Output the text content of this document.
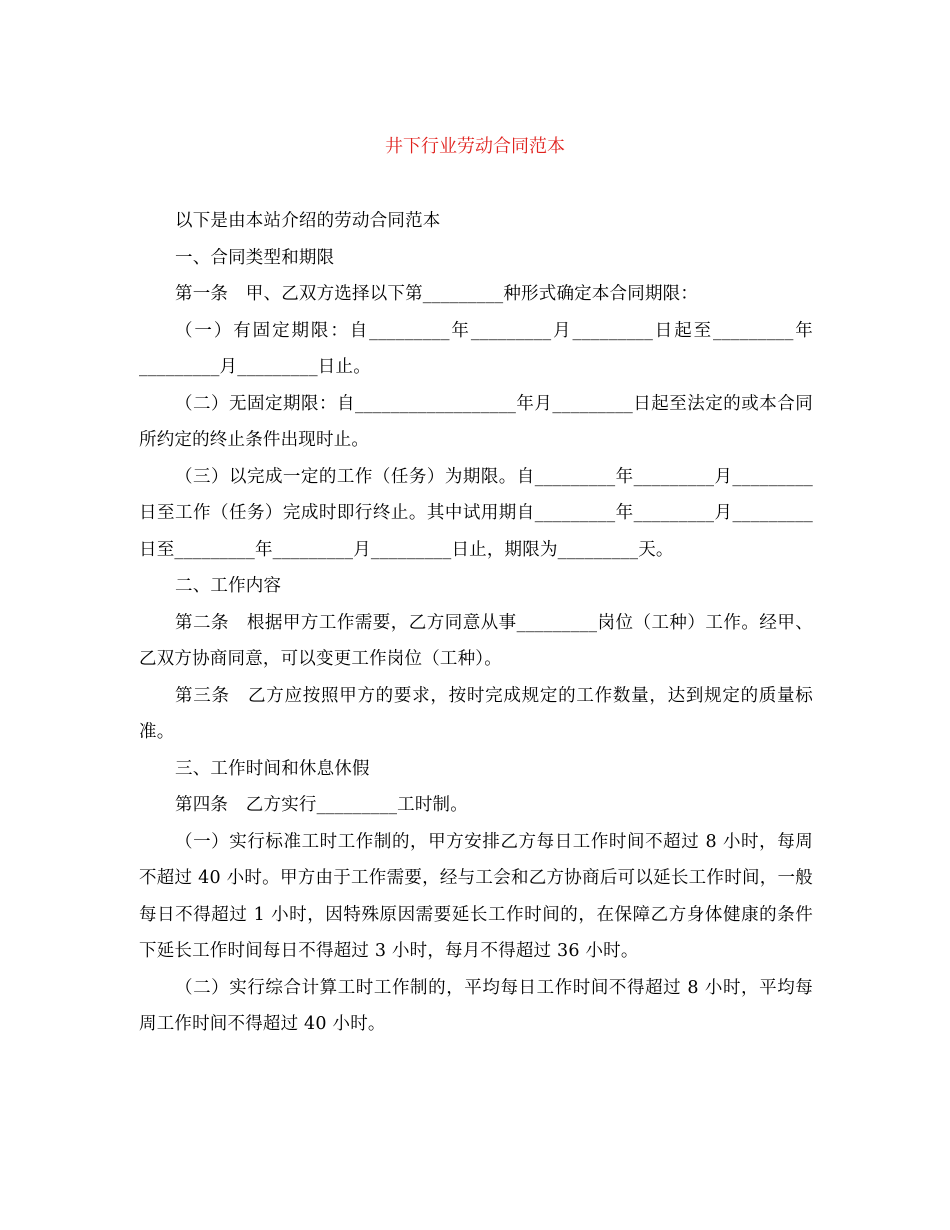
井下行业劳动合同范本

以下是由本站介绍的劳动合同范本

一、合同类型和期限

第一条　甲、乙双方选择以下第_________种形式确定本合同期限：

（一）有固定期限：自_________年_________月_________日起至_________年_________月_________日止。

（二）无固定期限：自__________________年月_________日起至法定的或本合同所约定的终止条件出现时止。

（三）以完成一定的工作（任务）为期限。自_________年_________月_________日至工作（任务）完成时即行终止。其中试用期自_________年_________月_________日至_________年_________月_________日止，期限为_________天。

二、工作内容

第二条　根据甲方工作需要，乙方同意从事_________岗位（工种）工作。经甲、乙双方协商同意，可以变更工作岗位（工种）。

第三条　乙方应按照甲方的要求，按时完成规定的工作数量，达到规定的质量标准。

三、工作时间和休息休假

第四条　乙方实行_________工时制。

（一）实行标准工时工作制的，甲方安排乙方每日工作时间不超过 8 小时，每周不超过 40 小时。甲方由于工作需要，经与工会和乙方协商后可以延长工作时间，一般每日不得超过 1 小时，因特殊原因需要延长工作时间的，在保障乙方身体健康的条件下延长工作时间每日不得超过 3 小时，每月不得超过 36 小时。

（二）实行综合计算工时工作制的，平均每日工作时间不得超过 8 小时，平均每周工作时间不得超过 40 小时。
